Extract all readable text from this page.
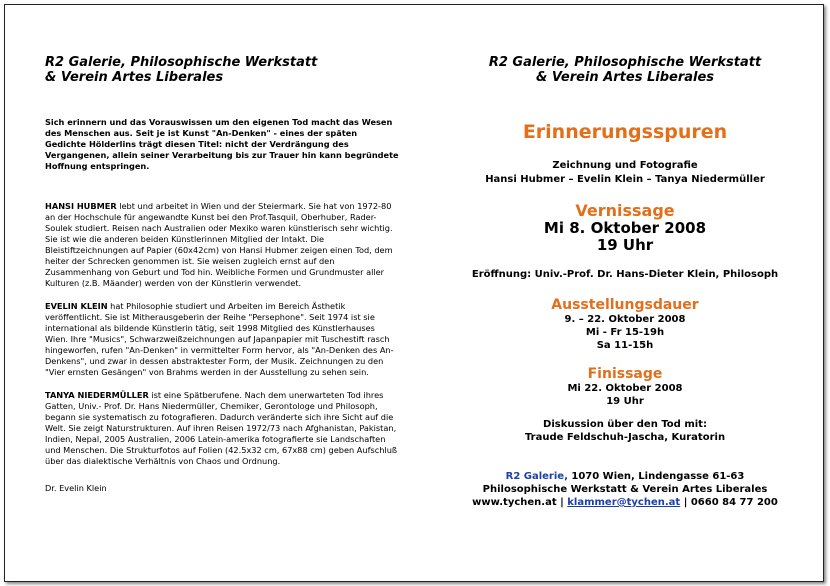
R2 Galerie, Philosophische Werkstatt
& Verein Artes Liberales
Sich erinnern und das Vorauswissen um den eigenen Tod macht das Wesen des Menschen aus. Seit je ist Kunst "An-Denken" - eines der späten Gedichte Hölderlins trägt diesen Titel: nicht der Verdrängung des Vergangenen, allein seiner Verarbeitung bis zur Trauer hin kann begründete Hoffnung entspringen.
HANSI HUBMER lebt und arbeitet in Wien und der Steiermark. Sie hat von 1972-80 an der Hochschule für angewandte Kunst bei den Prof.Tasquil, Oberhuber, Rader-Soulek studiert. Reisen nach Australien oder Mexiko waren künstlerisch sehr wichtig. Sie ist wie die anderen beiden Künstlerinnen Mitglied der Intakt. Die Bleistiftzeichnungen auf Papier (60x42cm) von Hansi Hubmer zeigen einen Tod, dem heiter der Schrecken genommen ist. Sie weisen zugleich ernst auf den Zusammenhang von Geburt und Tod hin. Weibliche Formen und Grundmuster aller Kulturen (z.B. Mäander) werden von der Künstlerin verwendet.
EVELIN KLEIN hat Philosophie studiert und Arbeiten im Bereich Ästhetik veröffentlicht. Sie ist Mitherausgeberin der Reihe "Persephone". Seit 1974 ist sie international als bildende Künstlerin tätig, seit 1998 Mitglied des Künstlerhauses Wien. Ihre "Musics", Schwarzweißzeichnungen auf Japanpapier mit Tuschestift rasch hingeworfen, rufen "An-Denken" in vermittelter Form hervor, als "An-Denken des An-Denkens", und zwar in dessen abstraktester Form, der Musik. Zeichnungen zu den "Vier ernsten Gesängen" von Brahms werden in der Ausstellung zu sehen sein.
TANYA NIEDERMÜLLER ist eine Spätberufene. Nach dem unerwarteten Tod ihres Gatten, Univ.- Prof. Dr. Hans Niedermüller, Chemiker, Gerontologe und Philosoph, begann sie systematisch zu fotografieren. Dadurch veränderte sich ihre Sicht auf die Welt. Sie zeigt Naturstrukturen. Auf ihren Reisen 1972/73 nach Afghanistan, Pakistan, Indien, Nepal, 2005 Australien, 2006 Latein-amerika fotografierte sie Landschaften und Menschen. Die Strukturfotos auf Folien (42.5x32 cm, 67x88 cm) geben Aufschluß über das dialektische Verhältnis von Chaos und Ordnung.
Dr. Evelin Klein
R2 Galerie, Philosophische Werkstatt
& Verein Artes Liberales
Erinnerungsspuren
Zeichnung und Fotografie
Hansi Hubmer – Evelin Klein – Tanya Niedermüller
Vernissage
Mi 8. Oktober 2008
19 Uhr
Eröffnung: Univ.-Prof. Dr. Hans-Dieter Klein, Philosoph
Ausstellungsdauer
9. – 22. Oktober 2008
Mi - Fr 15-19h
Sa 11-15h
Finissage
Mi 22. Oktober 2008
19 Uhr
Diskussion über den Tod mit:
Traude Feldschuh-Jascha, Kuratorin
R2 Galerie, 1070 Wien, Lindengasse 61-63
Philosophische Werkstatt & Verein Artes Liberales
www.tychen.at | klammer@tychen.at | 0660 84 77 200
